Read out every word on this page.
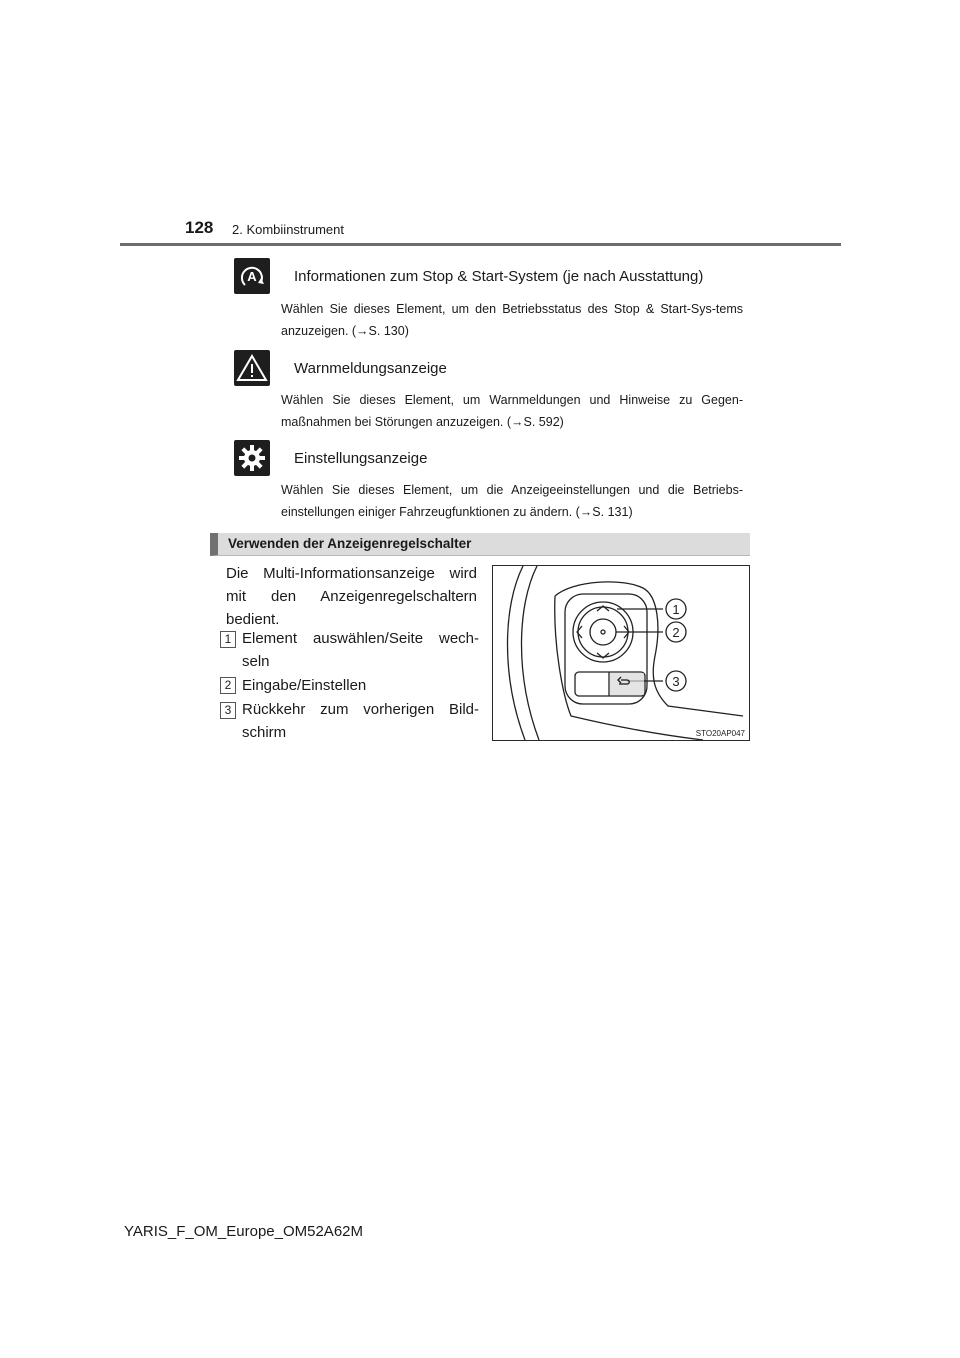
128 2. Kombiinstrument
A Informationen zum Stop & Start-System (je nach Ausstattung)
Wählen Sie dieses Element, um den Betriebsstatus des Stop & Start-Sys-tems anzuzeigen. (→S. 130)
Warnmeldungsanzeige
Wählen Sie dieses Element, um Warnmeldungen und Hinweise zu Gegen-maßnahmen bei Störungen anzuzeigen. (→S. 592)
Einstellungsanzeige
Wählen Sie dieses Element, um die Anzeigeeinstellungen und die Betriebs-einstellungen einiger Fahrzeugfunktionen zu ändern. (→S. 131)
Verwenden der Anzeigenregelschalter
Die Multi-Informationsanzeige wird mit den Anzeigenregelschaltern bedient.
1 Element auswählen/Seite wech-seln
2 Eingabe/Einstellen
3 Rückkehr zum vorherigen Bild-schirm
1
2
3
STO20AP047
YARIS_F_OM_Europe_OM52A62M
